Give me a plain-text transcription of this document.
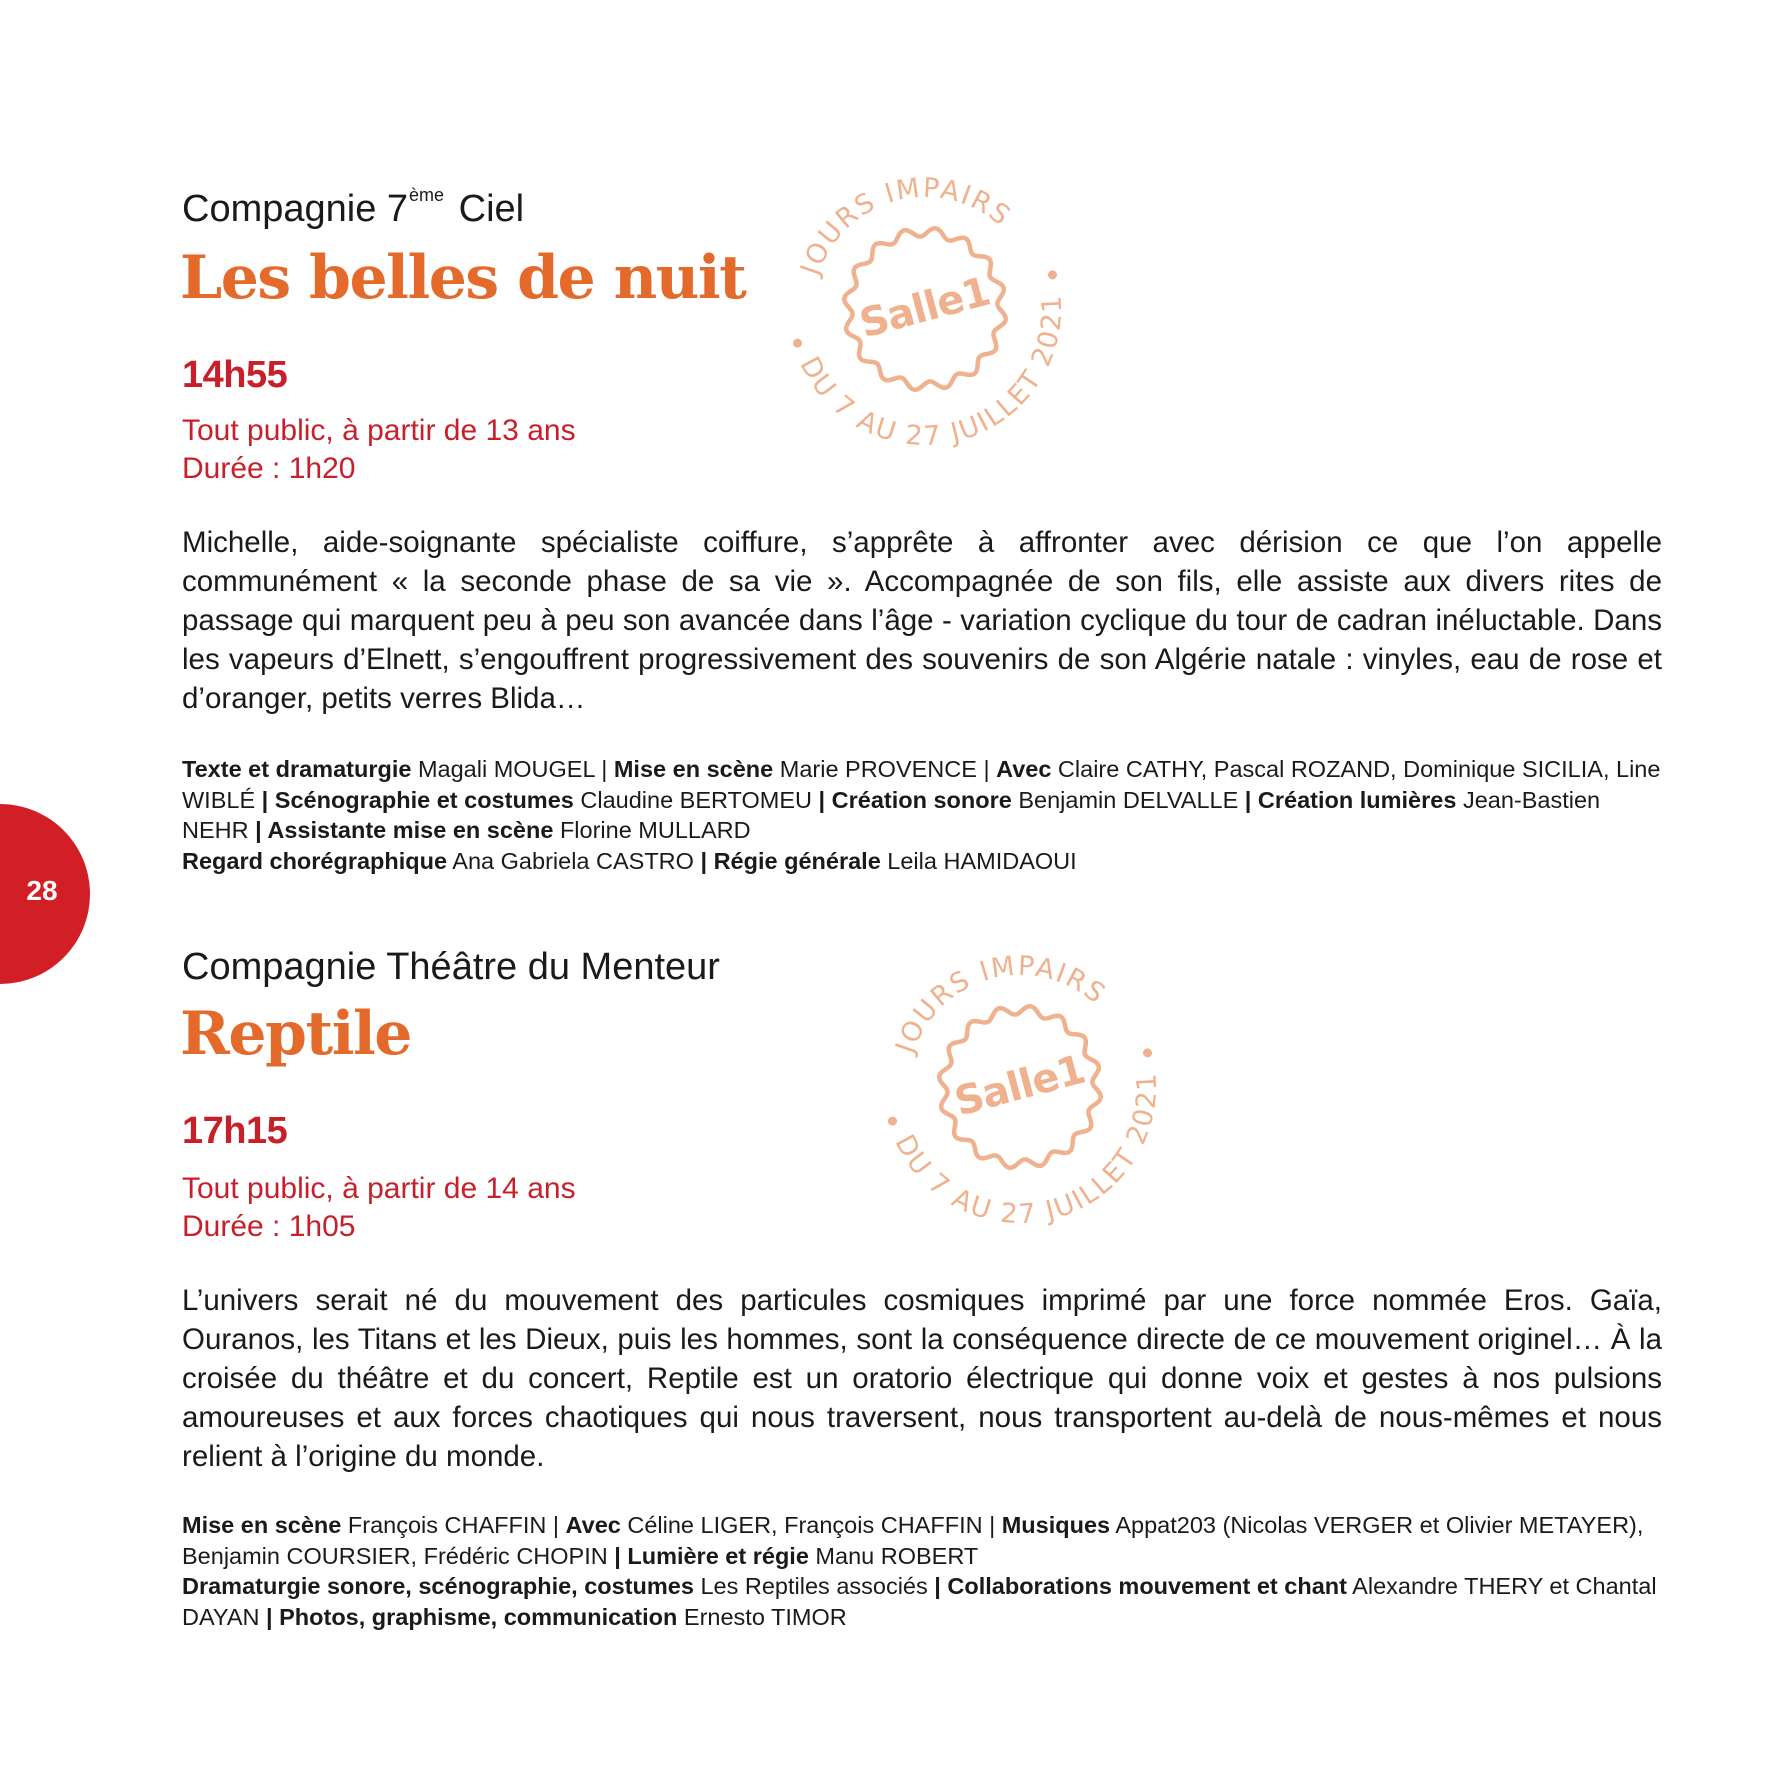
28
Compagnie 7ème Ciel
Les belles de nuit
14h55
Tout public, à partir de 13 ans
Durée : 1h20
Michelle, aide-soignante spécialiste coiffure, s’apprête à affronter avec dérision ce que l’on appelle communément « la seconde phase de sa vie ». Accompagnée de son fils, elle assiste aux divers rites de passage qui marquent peu à peu son avancée dans l’âge - variation cyclique du tour de cadran inéluctable. Dans les vapeurs d’Elnett, s’engouffrent progressivement des souvenirs de son Algérie natale : vinyles, eau de rose et d’oranger, petits verres Blida…
Texte et dramaturgie Magali MOUGEL | Mise en scène Marie PROVENCE | Avec Claire CATHY, Pascal ROZAND, Dominique SICILIA, Line WIBLÉ | Scénographie et costumes Claudine BERTOMEU | Création sonore Benjamin DELVALLE | Création lumières Jean-Bastien NEHR | Assistante mise en scène Florine MULLARD
Regard chorégraphique Ana Gabriela CASTRO | Régie générale Leila HAMIDAOUI
JOURS IMPAIRS
DU 7 AU 27 JUILLET 2021
Salle1
Compagnie Théâtre du Menteur
Reptile
17h15
Tout public, à partir de 14 ans
Durée : 1h05
L’univers serait né du mouvement des particules cosmiques imprimé par une force nommée Eros. Gaïa, Ouranos, les Titans et les Dieux, puis les hommes, sont la conséquence directe de ce mouvement originel… À la croisée du théâtre et du concert, Reptile est un oratorio électrique qui donne voix et gestes à nos pulsions amoureuses et aux forces chaotiques qui nous traversent, nous transportent au-delà de nous-mêmes et nous relient à l’origine du monde.
Mise en scène François CHAFFIN | Avec Céline LIGER, François CHAFFIN | Musiques Appat203 (Nicolas VERGER et Olivier METAYER), Benjamin COURSIER, Frédéric CHOPIN | Lumière et régie Manu ROBERT
Dramaturgie sonore, scénographie, costumes Les Reptiles associés | Collaborations mouvement et chant Alexandre THERY et Chantal DAYAN | Photos, graphisme, communication Ernesto TIMOR
JOURS IMPAIRS
DU 7 AU 27 JUILLET 2021
Salle1
